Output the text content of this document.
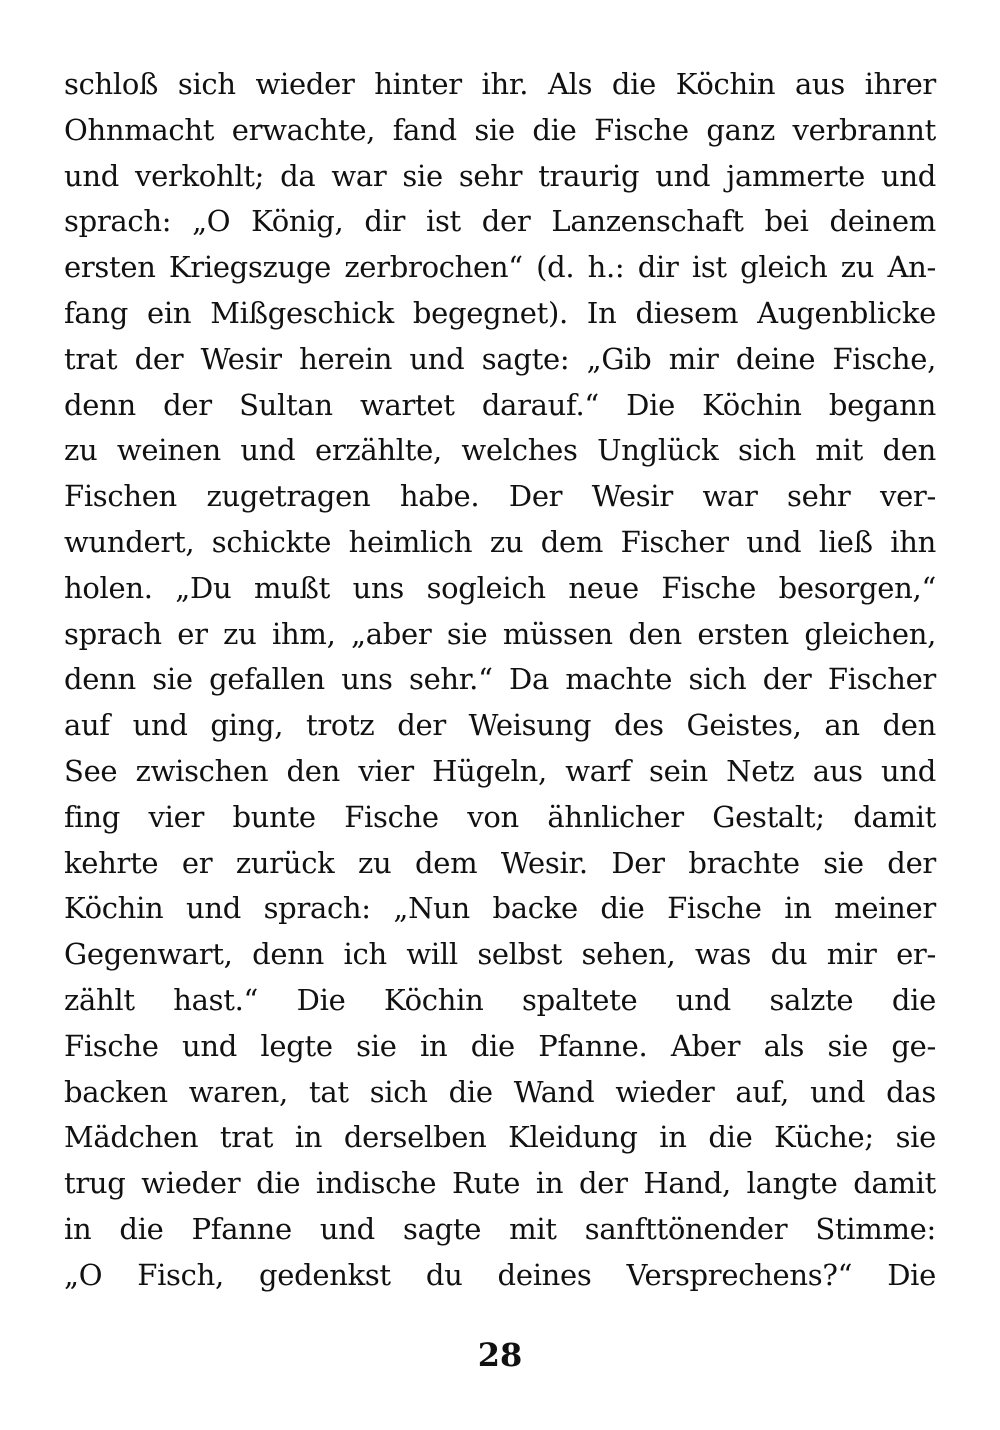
schloß sich wieder hinter ihr. Als die Köchin aus ihrer
Ohnmacht erwachte, fand sie die Fische ganz verbrannt
und verkohlt; da war sie sehr traurig und jammerte und
sprach: „O König, dir ist der Lanzenschaft bei deinem
ersten Kriegszuge zerbrochen“ (d. h.: dir ist gleich zu An-
fang ein Mißgeschick begegnet). In diesem Augenblicke
trat der Wesir herein und sagte: „Gib mir deine Fische,
denn der Sultan wartet darauf.“ Die Köchin begann
zu weinen und erzählte, welches Unglück sich mit den
Fischen zugetragen habe. Der Wesir war sehr ver-
wundert, schickte heimlich zu dem Fischer und ließ ihn
holen. „Du mußt uns sogleich neue Fische besorgen,“
sprach er zu ihm, „aber sie müssen den ersten gleichen,
denn sie gefallen uns sehr.“ Da machte sich der Fischer
auf und ging, trotz der Weisung des Geistes, an den
See zwischen den vier Hügeln, warf sein Netz aus und
fing vier bunte Fische von ähnlicher Gestalt; damit
kehrte er zurück zu dem Wesir. Der brachte sie der
Köchin und sprach: „Nun backe die Fische in meiner
Gegenwart, denn ich will selbst sehen, was du mir er-
zählt hast.“ Die Köchin spaltete und salzte die
Fische und legte sie in die Pfanne. Aber als sie ge-
backen waren, tat sich die Wand wieder auf, und das
Mädchen trat in derselben Kleidung in die Küche; sie
trug wieder die indische Rute in der Hand, langte damit
in die Pfanne und sagte mit sanfttönender Stimme:
„O Fisch, gedenkst du deines Versprechens?“ Die
28
